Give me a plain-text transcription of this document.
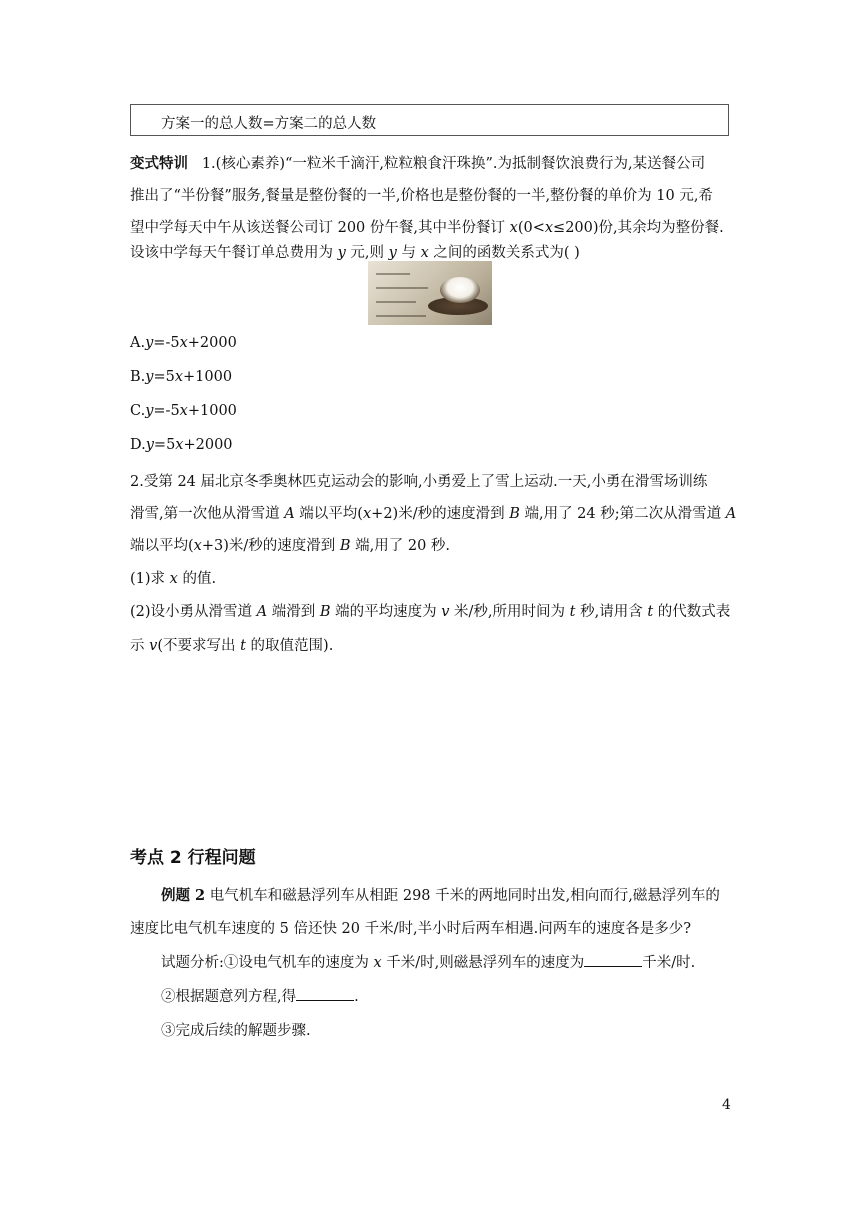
方案一的总人数=方案二的总人数
变式特训 1.(核心素养)“一粒米千滴汗,粒粒粮食汗珠换”.为抵制餐饮浪费行为,某送餐公司
推出了“半份餐”服务,餐量是整份餐的一半,价格也是整份餐的一半,整份餐的单价为 10 元,希
望中学每天中午从该送餐公司订 200 份午餐,其中半份餐订 x(0<x≤200)份,其余均为整份餐.
设该中学每天午餐订单总费用为 y 元,则 y 与 x 之间的函数关系式为( )
A.y=-5x+2000
B.y=5x+1000
C.y=-5x+1000
D.y=5x+2000
2.受第 24 届北京冬季奥林匹克运动会的影响,小勇爱上了雪上运动.一天,小勇在滑雪场训练
滑雪,第一次他从滑雪道 A 端以平均(x+2)米/秒的速度滑到 B 端,用了 24 秒;第二次从滑雪道 A
端以平均(x+3)米/秒的速度滑到 B 端,用了 20 秒.
(1)求 x 的值.
(2)设小勇从滑雪道 A 端滑到 B 端的平均速度为 v 米/秒,所用时间为 t 秒,请用含 t 的代数式表
示 v(不要求写出 t 的取值范围).
考点 2 行程问题
例题 2 电气机车和磁悬浮列车从相距 298 千米的两地同时出发,相向而行,磁悬浮列车的
速度比电气机车速度的 5 倍还快 20 千米/时,半小时后两车相遇.问两车的速度各是多少?
试题分析:①设电气机车的速度为 x 千米/时,则磁悬浮列车的速度为	千米/时.
②根据题意列方程,得	.
③完成后续的解题步骤.
4
